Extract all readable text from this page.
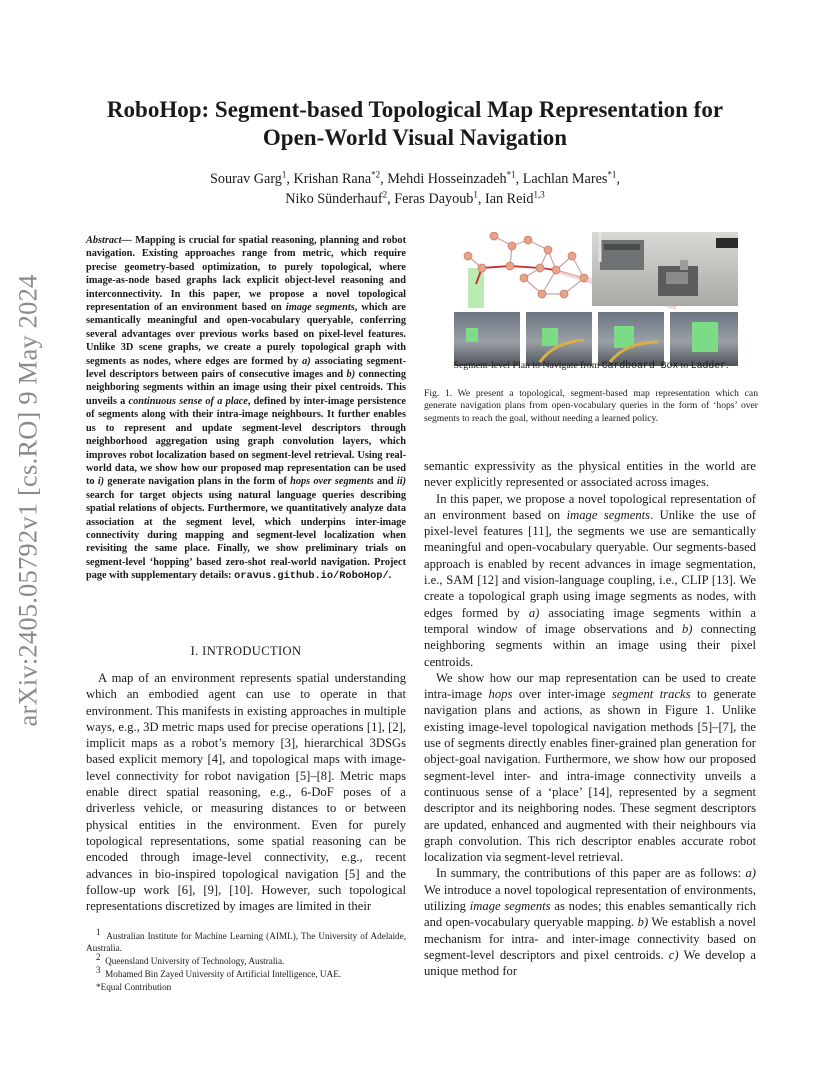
arXiv:2405.05792v1 [cs.RO] 9 May 2024
RoboHop: Segment-based Topological Map Representation for
Open-World Visual Navigation
Sourav Garg$^1$, Krishan Rana$^{*2}$, Mehdi Hosseinzadeh$^{*1}$, Lachlan Mares$^{*1}$,
Niko Sünderhauf$^2$, Feras Dayoub$^1$, Ian Reid$^{1,3}$
Abstract— Mapping is crucial for spatial reasoning, planning and robot navigation. Existing approaches range from metric, which require precise geometry-based optimization, to purely topological, where image-as-node based graphs lack explicit object-level reasoning and interconnectivity. In this paper, we propose a novel topological representation of an environment based on image segments, which are semantically meaningful and open-vocabulary queryable, conferring several advantages over previous works based on pixel-level features. Unlike 3D scene graphs, we create a purely topological graph with segments as nodes, where edges are formed by a) associating segment-level descriptors between pairs of consecutive images and b) connecting neighboring segments within an image using their pixel centroids. This unveils a continuous sense of a place, defined by inter-image persistence of segments along with their intra-image neighbours. It further enables us to represent and update segment-level descriptors through neighborhood aggregation using graph convolution layers, which improves robot localization based on segment-level retrieval. Using real-world data, we show how our proposed map representation can be used to i) generate navigation plans in the form of hops over segments and ii) search for target objects using natural language queries describing spatial relations of objects. Furthermore, we quantitatively analyze data association at the segment level, which underpins inter-image connectivity during mapping and segment-level localization when revisiting the same place. Finally, we show preliminary trials on segment-level ‘hopping’ based zero-shot real-world navigation. Project page with supplementary details: oravus.github.io/RoboHop/.
I. INTRODUCTION

A map of an environment represents spatial understanding which an embodied agent can use to operate in that environment. This manifests in existing approaches in multiple ways, e.g., 3D metric maps used for precise operations [1], [2], implicit maps as a robot’s memory [3], hierarchical 3DSGs based explicit memory [4], and topological maps with image-level connectivity for robot navigation [5]–[8]. Metric maps enable direct spatial reasoning, e.g., 6-DoF poses of a driverless vehicle, or measuring distances to or between physical entities in the environment. Even for purely topological representations, some spatial reasoning can be encoded through image-level connectivity, e.g., recent advances in bio-inspired topological navigation [5] and the follow-up work [6], [9], [10]. However, such topological representations discretized by images are limited in their

$^1$ Australian Institute for Machine Learning (AIML), The University of Adelaide, Australia.

$^2$ Queensland University of Technology, Australia.

$^3$ Mohamed Bin Zayed University of Artificial Intelligence, UAE.

*Equal Contribution

Segment-level Plan to Navigate from Cardboard Box to Ladder.
Fig. 1. We present a topological, segment-based map representation which can generate navigation plans from open-vocabulary queries in the form of ‘hops’ over segments to reach the goal, without needing a learned policy.

semantic expressivity as the physical entities in the world are never explicitly represented or associated across images.

In this paper, we propose a novel topological representation of an environment based on image segments. Unlike the use of pixel-level features [11], the segments we use are semantically meaningful and open-vocabulary queryable. Our segments-based approach is enabled by recent advances in image segmentation, i.e., SAM [12] and vision-language coupling, i.e., CLIP [13]. We create a topological graph using image segments as nodes, with edges formed by a) associating image segments within a temporal window of image observations and b) connecting neighboring segments within an image using their pixel centroids.

We show how our map representation can be used to create intra-image hops over inter-image segment tracks to generate navigation plans and actions, as shown in Figure 1. Unlike existing image-level topological navigation methods [5]–[7], the use of segments directly enables finer-grained plan generation for object-goal navigation. Furthermore, we show how our proposed segment-level inter- and intra-image connectivity unveils a continuous sense of a ‘place’ [14], represented by a segment descriptor and its neighboring nodes. These segment descriptors are updated, enhanced and augmented with their neighbours via graph convolution. This rich descriptor enables accurate robot localization via segment-level retrieval.

In summary, the contributions of this paper are as follows: a) We introduce a novel topological representation of environments, utilizing image segments as nodes; this enables semantically rich and open-vocabulary queryable mapping. b) We establish a novel mechanism for intra- and inter-image connectivity based on segment-level descriptors and pixel centroids. c) We develop a unique method for
